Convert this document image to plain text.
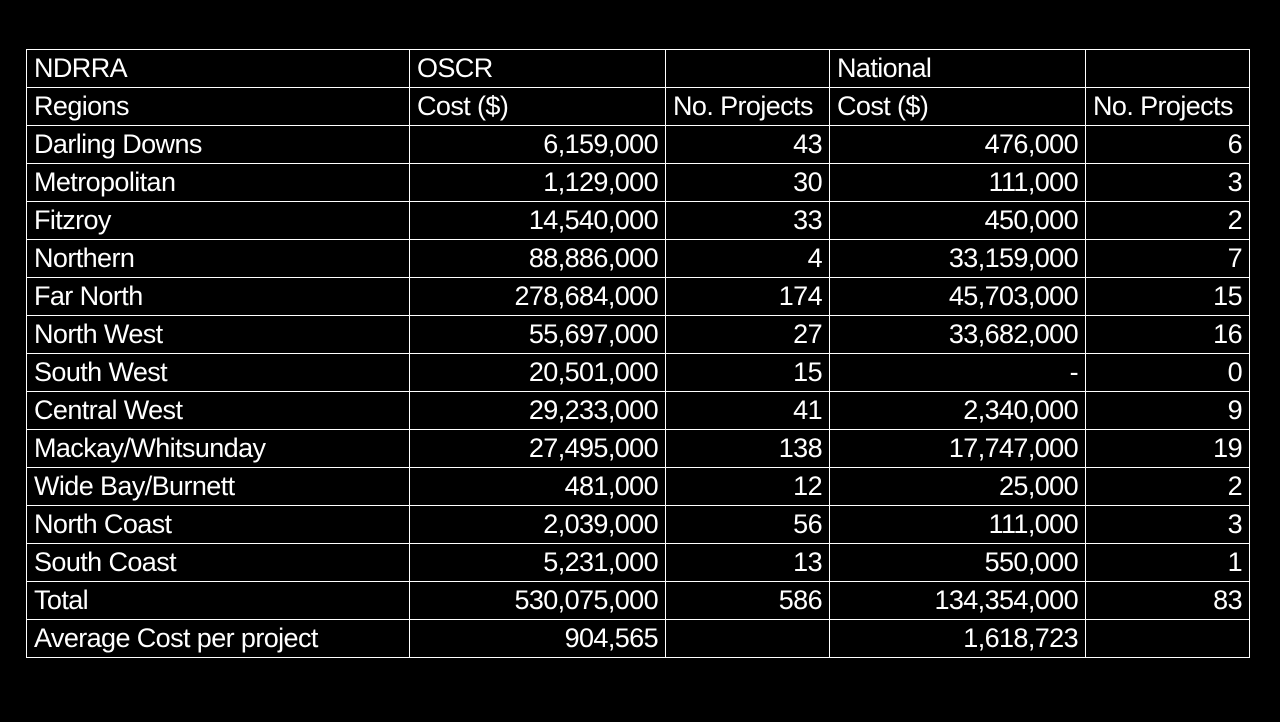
NDRRA	OSCR		National	
Regions	Cost ($)	No. Projects	Cost ($)	No. Projects
Darling Downs	6,159,000	43	476,000	6
Metropolitan	1,129,000	30	111,000	3
Fitzroy	14,540,000	33	450,000	2
Northern	88,886,000	4	33,159,000	7
Far North	278,684,000	174	45,703,000	15
North West	55,697,000	27	33,682,000	16
South West	20,501,000	15	-	0
Central West	29,233,000	41	2,340,000	9
Mackay/Whitsunday	27,495,000	138	17,747,000	19
Wide Bay/Burnett	481,000	12	25,000	2
North Coast	2,039,000	56	111,000	3
South Coast	5,231,000	13	550,000	1
Total	530,075,000	586	134,354,000	83
Average Cost per project	904,565		1,618,723	
